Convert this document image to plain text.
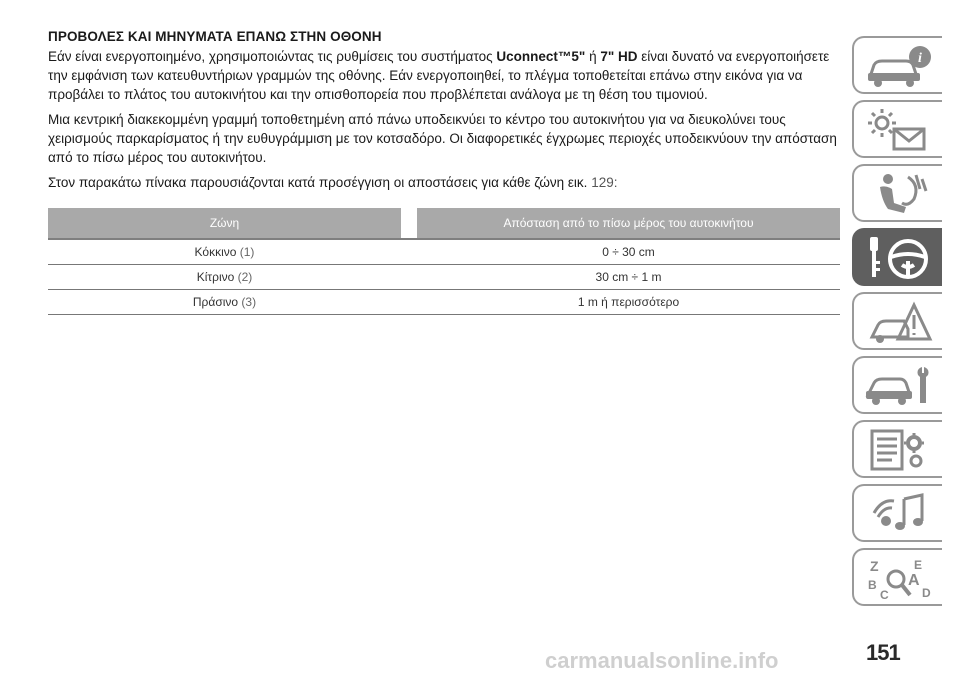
ΠΡΟΒΟΛΕΣ ΚΑΙ ΜΗΝΥΜΑΤΑ ΕΠΑΝΩ ΣΤΗΝ ΟΘΟΝΗ

Εάν είναι ενεργοποιημένο, χρησιμοποιώντας τις ρυθμίσεις του συστήματος Uconnect™5" ή 7" HD είναι δυνατό να ενεργοποιήσετε την εμφάνιση των κατευθυντήριων γραμμών της οθόνης. Εάν ενεργοποιηθεί, το πλέγμα τοποθετείται επάνω στην εικόνα για να προβάλει το πλάτος του αυτοκινήτου και την οπισθοπορεία που προβλέπεται ανάλογα με τη θέση του τιμονιού.

Μια κεντρική διακεκομμένη γραμμή τοποθετημένη από πάνω υποδεικνύει το κέντρο του αυτοκινήτου για να διευκολύνει τους χειρισμούς παρκαρίσματος ή την ευθυγράμμιση με τον κοτσαδόρο. Οι διαφορετικές έγχρωμες περιοχές υποδεικνύουν την απόσταση από το πίσω μέρος του αυτοκινήτου.

Στον παρακάτω πίνακα παρουσιάζονται κατά προσέγγιση οι αποστάσεις για κάθε ζώνη εικ. 129:

Ζώνη		Απόσταση από το πίσω μέρος του αυτοκινήτου
Κόκκινο (1)		0 ÷ 30 cm
Κίτρινο (2)		30 cm ÷ 1 m
Πράσινο (3)		1 m ή περισσότερο
i
Z	E
B A
C	D
carmanualsonline.info	151
